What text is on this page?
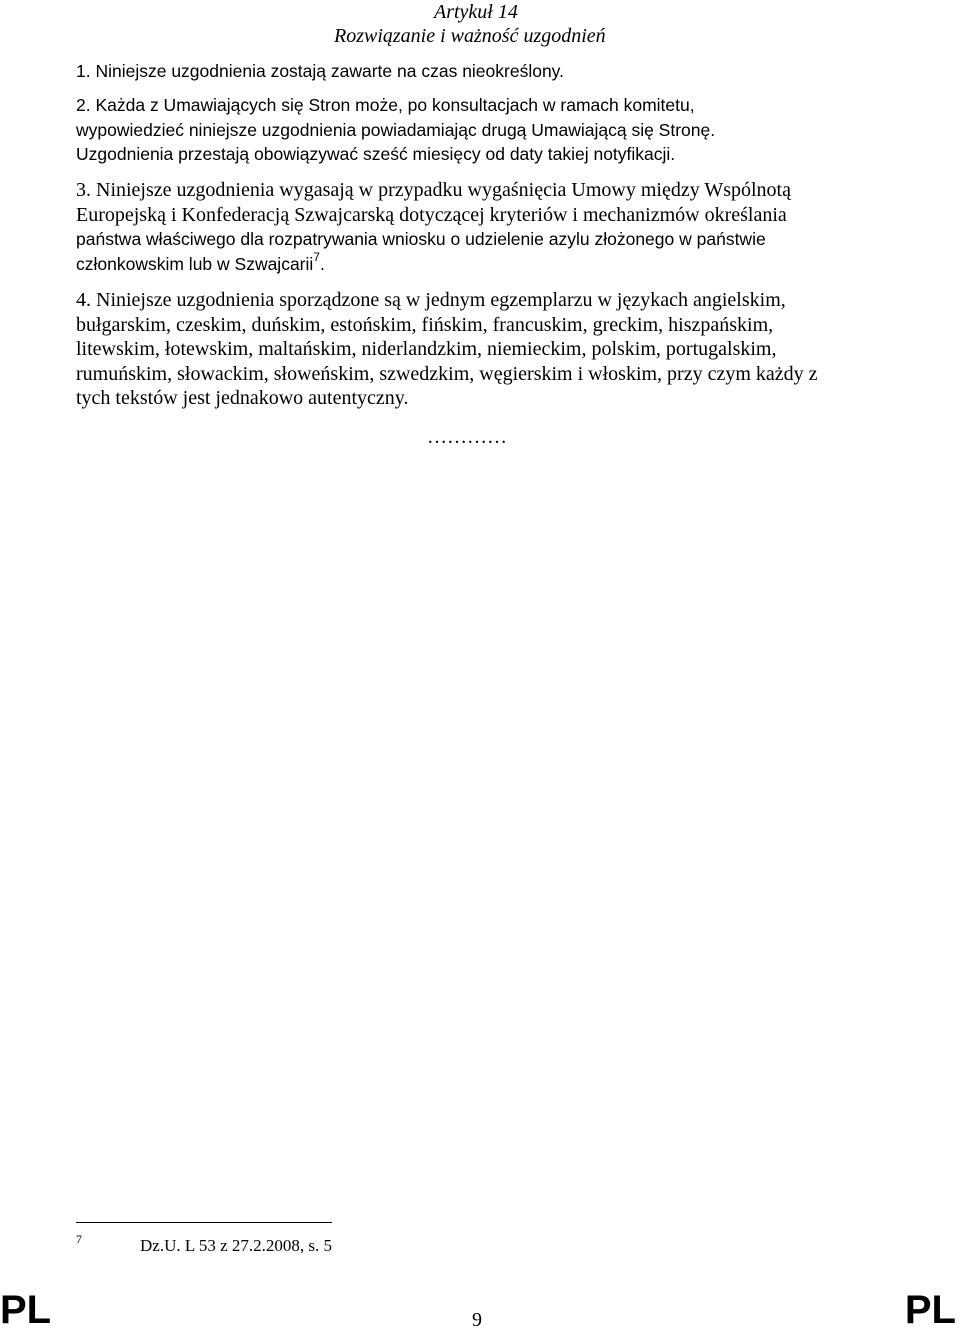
Artykuł 14
Rozwiązanie i ważność uzgodnień
1. Niniejsze uzgodnienia zostają zawarte na czas nieokreślony.
2. Każda z Umawiających się Stron może, po konsultacjach w ramach komitetu,
wypowiedzieć niniejsze uzgodnienia powiadamiając drugą Umawiającą się Stronę.
Uzgodnienia przestają obowiązywać sześć miesięcy od daty takiej notyfikacji.
3. Niniejsze uzgodnienia wygasają w przypadku wygaśnięcia Umowy między Wspólnotą
Europejską i Konfederacją Szwajcarską dotyczącej kryteriów i mechanizmów określania
państwa właściwego dla rozpatrywania wniosku o udzielenie azylu złożonego w państwie
członkowskim lub w Szwajcarii$^7$.
4. Niniejsze uzgodnienia sporządzone są w jednym egzemplarzu w językach angielskim,
bułgarskim, czeskim, duńskim, estońskim, fińskim, francuskim, greckim, hiszpańskim,
litewskim, łotewskim, maltańskim, niderlandzkim, niemieckim, polskim, portugalskim,
rumuńskim, słowackim, słoweńskim, szwedzkim, węgierskim i włoskim, przy czym każdy z
tych tekstów jest jednakowo autentyczny.
…………
7	Dz.U. L 53 z 27.2.2008, s. 5
PL	9	PL
